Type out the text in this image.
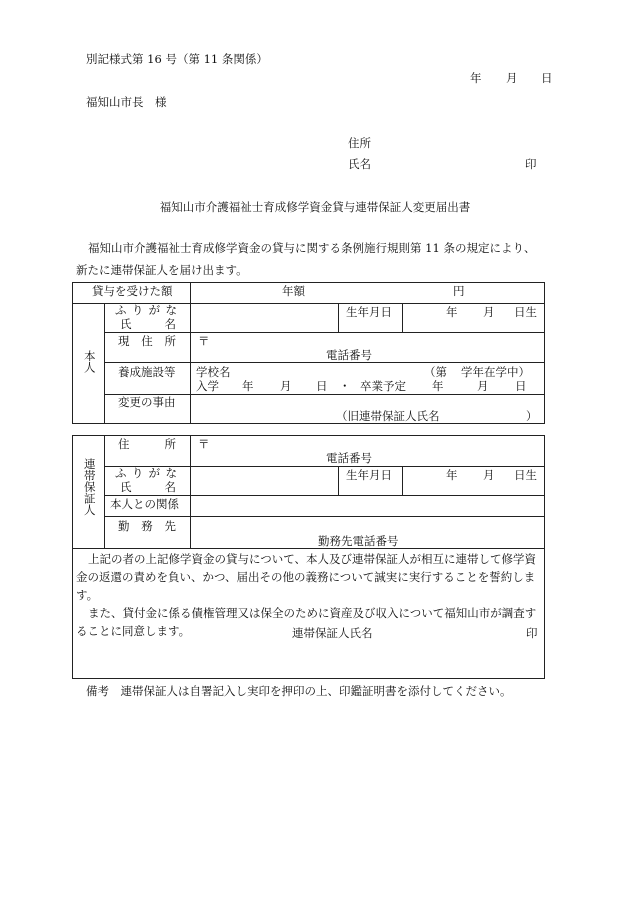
別記様式第 16 号（第 11 条関係）
年 月 日
福知山市長　様
住所
氏名	印
福知山市介護福祉士育成修学資金貸与連帯保証人変更届出書
福知山市介護福祉士育成修学資金の貸与に関する条例施行規則第 11 条の規定により、
新たに連帯保証人を届け出ます。
貸与を受けた額	年額	円
本人
ふりがな
氏名
生年月日	年 月 日生
現住所 〒
電話番号
養成施設等 学校名	（第 学年在学中）
入学 年 月 日 ・ 卒業予定 年	月 日
変更の事由
（旧連帯保証人氏名	）
連帯保証人
住所 〒
電話番号
ふりがな
氏名
生年月日	年 月 日生
本人との関係
勤務先
勤務先電話番号
上記の者の上記修学資金の貸与について、本人及び連帯保証人が相互に連帯して修学資金の返還の責めを負い、かつ、届出その他の義務について誠実に実行することを誓約します。
また、貸付金に係る債権管理又は保全のために資産及び収入について福知山市が調査することに同意します。	連帯保証人氏名	印
備考　連帯保証人は自署記入し実印を押印の上、印鑑証明書を添付してください。
